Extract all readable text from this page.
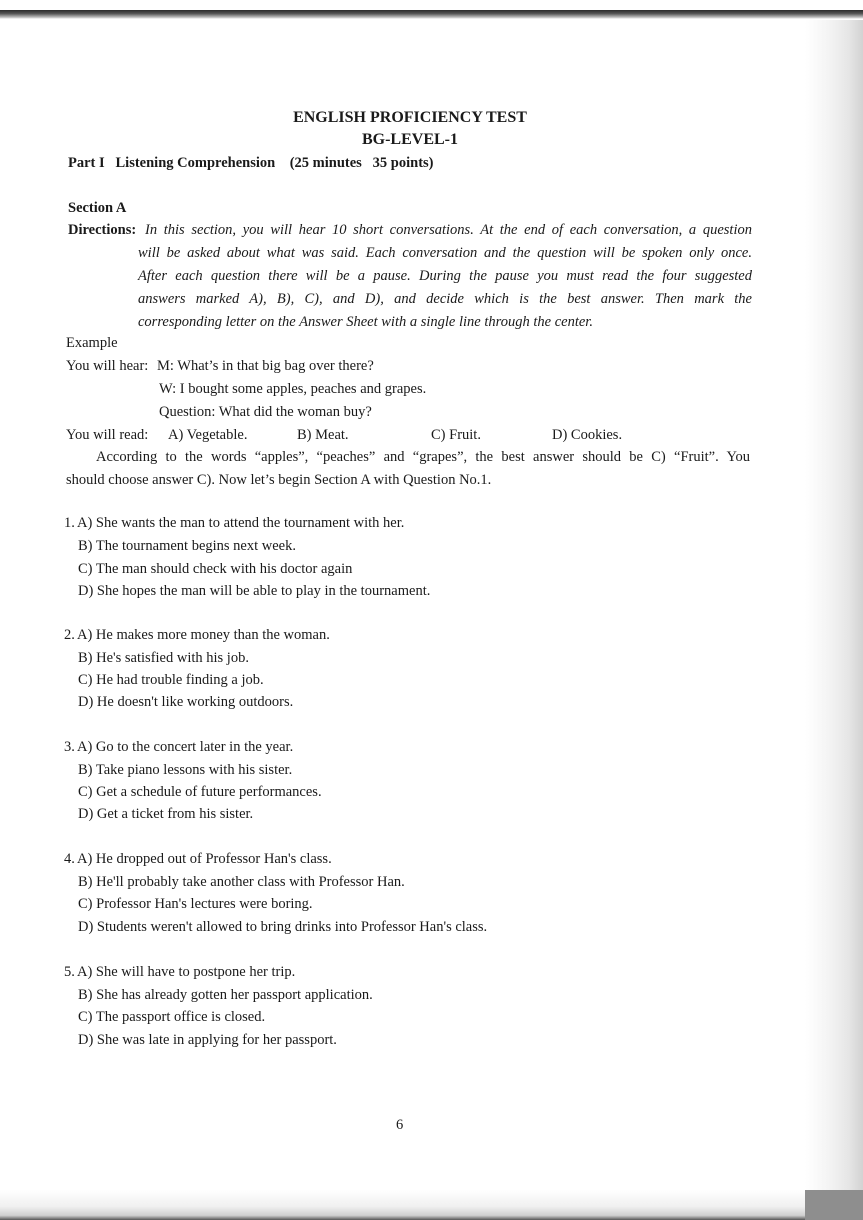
ENGLISH PROFICIENCY TEST
BG-LEVEL-1
Part I Listening Comprehension (25 minutes   35 points)
Section A
Directions: In this section, you will hear 10 short conversations. At the end of each conversation, a question
will be asked about what was said. Each conversation and the question will be spoken only once.
After each question there will be a pause. During the pause you must read the four suggested
answers marked A), B), C), and D), and decide which is the best answer. Then mark the
corresponding letter on the Answer Sheet with a single line through the center.
Example
You will hear: M: What’s in that big bag over there?
W: I bought some apples, peaches and grapes.
Question: What did the woman buy?
You will read: A) Vegetable.	B) Meat.	C) Fruit.	D) Cookies.
According to the words “apples”, “peaches” and “grapes”, the best answer should be C) “Fruit”. You
should choose answer C). Now let’s begin Section A with Question No.1.
1. A) She wants the man to attend the tournament with her.
B) The tournament begins next week.
C) The man should check with his doctor again
D) She hopes the man will be able to play in the tournament.
2. A) He makes more money than the woman.
B) He's satisfied with his job.
C) He had trouble finding a job.
D) He doesn't like working outdoors.
3. A) Go to the concert later in the year.
B) Take piano lessons with his sister.
C) Get a schedule of future performances.
D) Get a ticket from his sister.
4. A) He dropped out of Professor Han's class.
B) He'll probably take another class with Professor Han.
C) Professor Han's lectures were boring.
D) Students weren't allowed to bring drinks into Professor Han's class.
5. A) She will have to postpone her trip.
B) She has already gotten her passport application.
C) The passport office is closed.
D) She was late in applying for her passport.
6
